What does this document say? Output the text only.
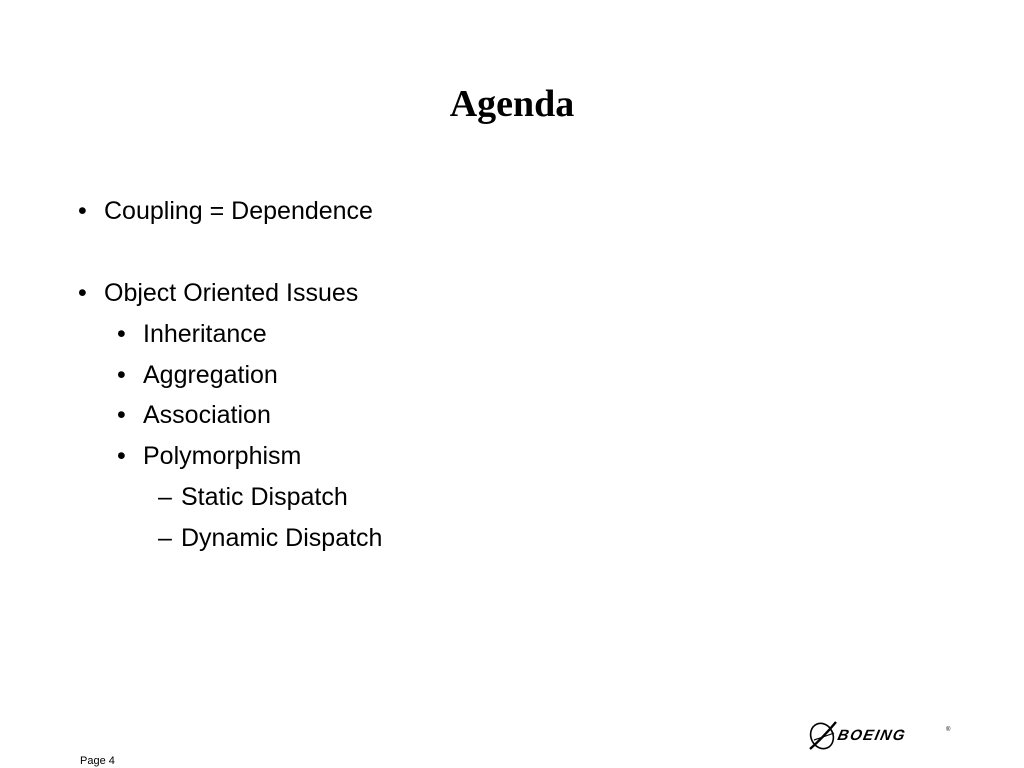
Agenda
• Coupling = Dependence
• Object Oriented Issues
• Inheritance
• Aggregation
• Association
• Polymorphism
– Static Dispatch
– Dynamic Dispatch
Page 4
BOEING	®
